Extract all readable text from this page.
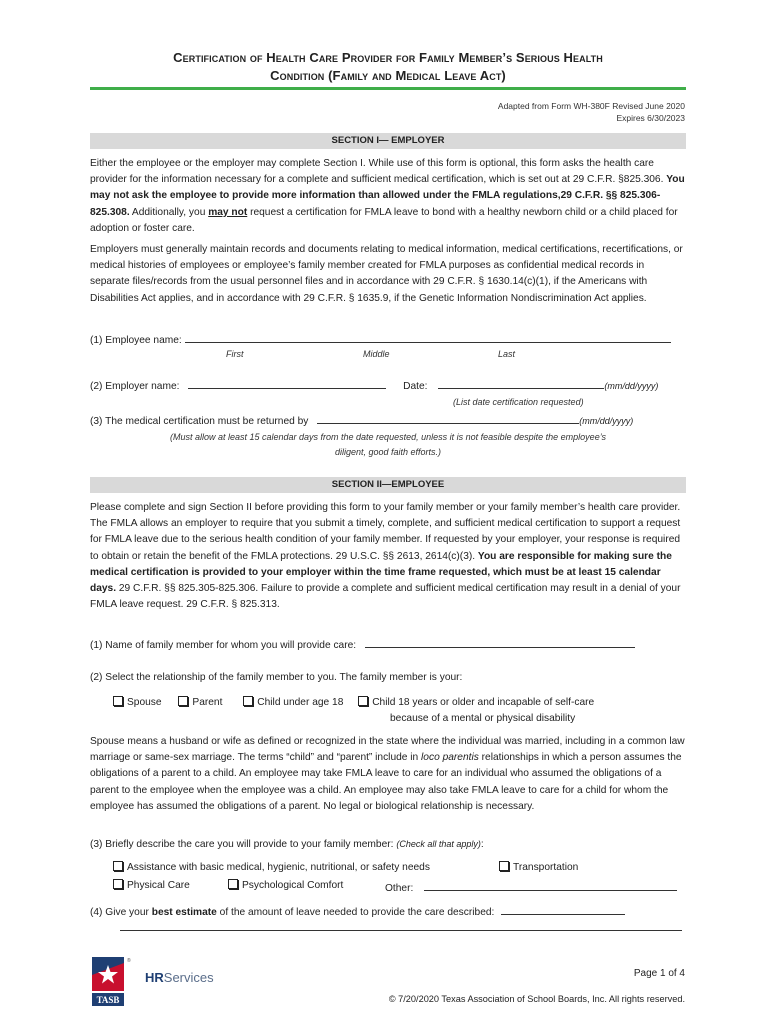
Certification of Health Care Provider for Family Member’s Serious Health
Condition (Family and Medical Leave Act)
Adapted from Form WH-380F Revised June 2020
Expires 6/30/2023
SECTION I— EMPLOYER
Either the employee or the employer may complete Section I. While use of this form is optional, this form asks the health care provider for the information necessary for a complete and sufficient medical certification, which is set out at 29 C.F.R. §825.306. You may not ask the employee to provide more information than allowed under the FMLA regulations,29 C.F.R. §§ 825.306-825.308. Additionally, you may not request a certification for FMLA leave to bond with a healthy newborn child or a child placed for adoption or foster care.
Employers must generally maintain records and documents relating to medical information, medical certifications, recertifications, or medical histories of employees or employee’s family member created for FMLA purposes as confidential medical records in separate files/records from the usual personnel files and in accordance with 29 C.F.R. § 1630.14(c)(1), if the Americans with Disabilities Act applies, and in accordance with 29 C.F.R. § 1635.9, if the Genetic Information Nondiscrimination Act applies.
(1) Employee name:
First	Middle	Last
(2) Employer name:	Date:	(mm/dd/yyyy)
(List date certification requested)
(3) The medical certification must be returned by	(mm/dd/yyyy)
(Must allow at least 15 calendar days from the date requested, unless it is not feasible despite the employee’s
diligent, good faith efforts.)
SECTION II—EMPLOYEE
Please complete and sign Section II before providing this form to your family member or your family member’s health care provider. The FMLA allows an employer to require that you submit a timely, complete, and sufficient medical certification to support a request for FMLA leave due to the serious health condition of your family member. If requested by your employer, your response is required to obtain or retain the benefit of the FMLA protections. 29 U.S.C. §§ 2613, 2614(c)(3). You are responsible for making sure the medical certification is provided to your employer within the time frame requested, which must be at least 15 calendar days. 29 C.F.R. §§ 825.305-825.306. Failure to provide a complete and sufficient medical certification may result in a denial of your FMLA leave request. 29 C.F.R. § 825.313.
(1) Name of family member for whom you will provide care:
(2) Select the relationship of the family member to you. The family member is your:
Spouse	Parent	Child under age 18	Child 18 years or older and incapable of self-care
because of a mental or physical disability
Spouse means a husband or wife as defined or recognized in the state where the individual was married, including in a common law marriage or same-sex marriage. The terms “child” and “parent” include in loco parentis relationships in which a person assumes the obligations of a parent to a child. An employee may take FMLA leave to care for an individual who assumed the obligations of a parent to the employee when the employee was a child. An employee may also take FMLA leave to care for a child for whom the employee has assumed the obligations of a parent. No legal or biological relationship is necessary.
(3) Briefly describe the care you will provide to your family member: (Check all that apply):
Assistance with basic medical, hygienic, nutritional, or safety needs	Transportation
Physical Care	Psychological Comfort	Other:
(4) Give your best estimate of the amount of leave needed to provide the care described:
TASB
®
HRServices	Page 1 of 4
© 7/20/2020 Texas Association of School Boards, Inc. All rights reserved.
